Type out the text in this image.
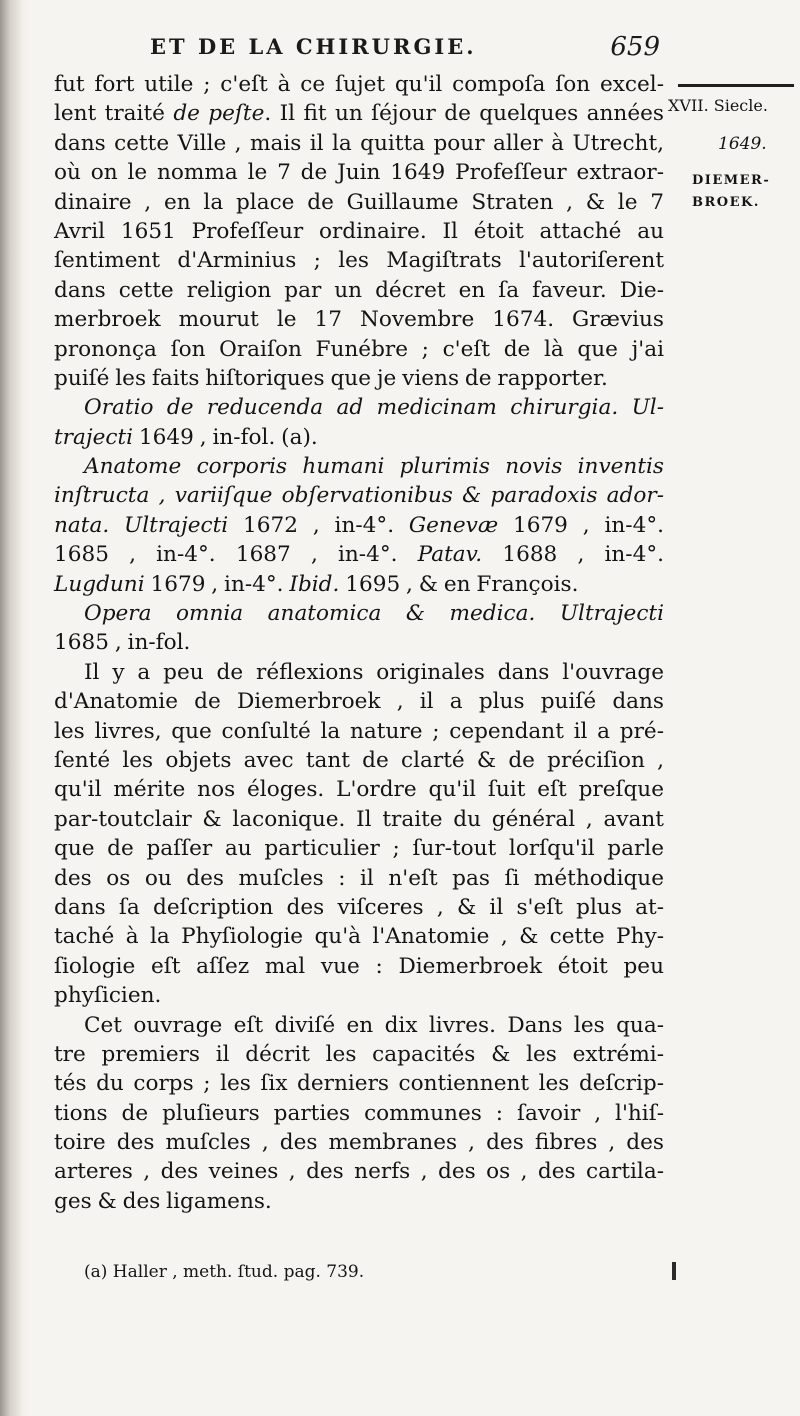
ET DE LA CHIRURGIE.	659
XVII. Siecle.
1649.
DIEMER-
BROEK.
fut fort utile ; c'eſt à ce ſujet qu'il compoſa ſon excel-
lent traité de peſte. Il fit un ſéjour de quelques années
dans cette Ville , mais il la quitta pour aller à Utrecht,
où on le nomma le 7 de Juin 1649 Profeſſeur extraor-
dinaire , en la place de Guillaume Straten , & le 7
Avril 1651 Profeſſeur ordinaire. Il étoit attaché au
ſentiment d'Arminius ; les Magiſtrats l'autoriſerent
dans cette religion par un décret en ſa faveur. Die-
merbroek mourut le 17 Novembre 1674. Grævius
prononça ſon Oraiſon Funébre ; c'eſt de là que j'ai
puiſé les faits hiſtoriques que je viens de rapporter.
Oratio de reducenda ad medicinam chirurgia. Ul-
trajecti 1649 , in-fol. (a).
Anatome corporis humani plurimis novis inventis
inſtructa , variiſque obſervationibus & paradoxis ador-
nata. Ultrajecti 1672 , in-4°. Genevæ 1679 , in-4°.
1685 , in-4°. 1687 , in-4°. Patav. 1688 , in-4°.
Lugduni 1679 , in-4°. Ibid. 1695 , & en François.
Opera omnia anatomica & medica. Ultrajecti
1685 , in-fol.
Il y a peu de réflexions originales dans l'ouvrage
d'Anatomie de Diemerbroek , il a plus puiſé dans
les livres, que conſulté la nature ; cependant il a pré-
ſenté les objets avec tant de clarté & de préciſion ,
qu'il mérite nos éloges. L'ordre qu'il ſuit eſt preſque
par-toutclair & laconique. Il traite du général , avant
que de paſſer au particulier ; ſur-tout lorſqu'il parle
des os ou des muſcles : il n'eſt pas ſi méthodique
dans ſa deſcription des viſceres , & il s'eſt plus at-
taché à la Phyſiologie qu'à l'Anatomie , & cette Phy-
ſiologie eſt aſſez mal vue : Diemerbroek étoit peu
phyſicien.
Cet ouvrage eſt diviſé en dix livres. Dans les qua-
tre premiers il décrit les capacités & les extrémi-
tés du corps ; les ſix derniers contiennent les deſcrip-
tions de pluſieurs parties communes : ſavoir , l'hiſ-
toire des muſcles , des membranes , des fibres , des
arteres , des veines , des nerfs , des os , des cartila-
ges & des ligamens.
(a) Haller , meth. ſtud. pag. 739.
